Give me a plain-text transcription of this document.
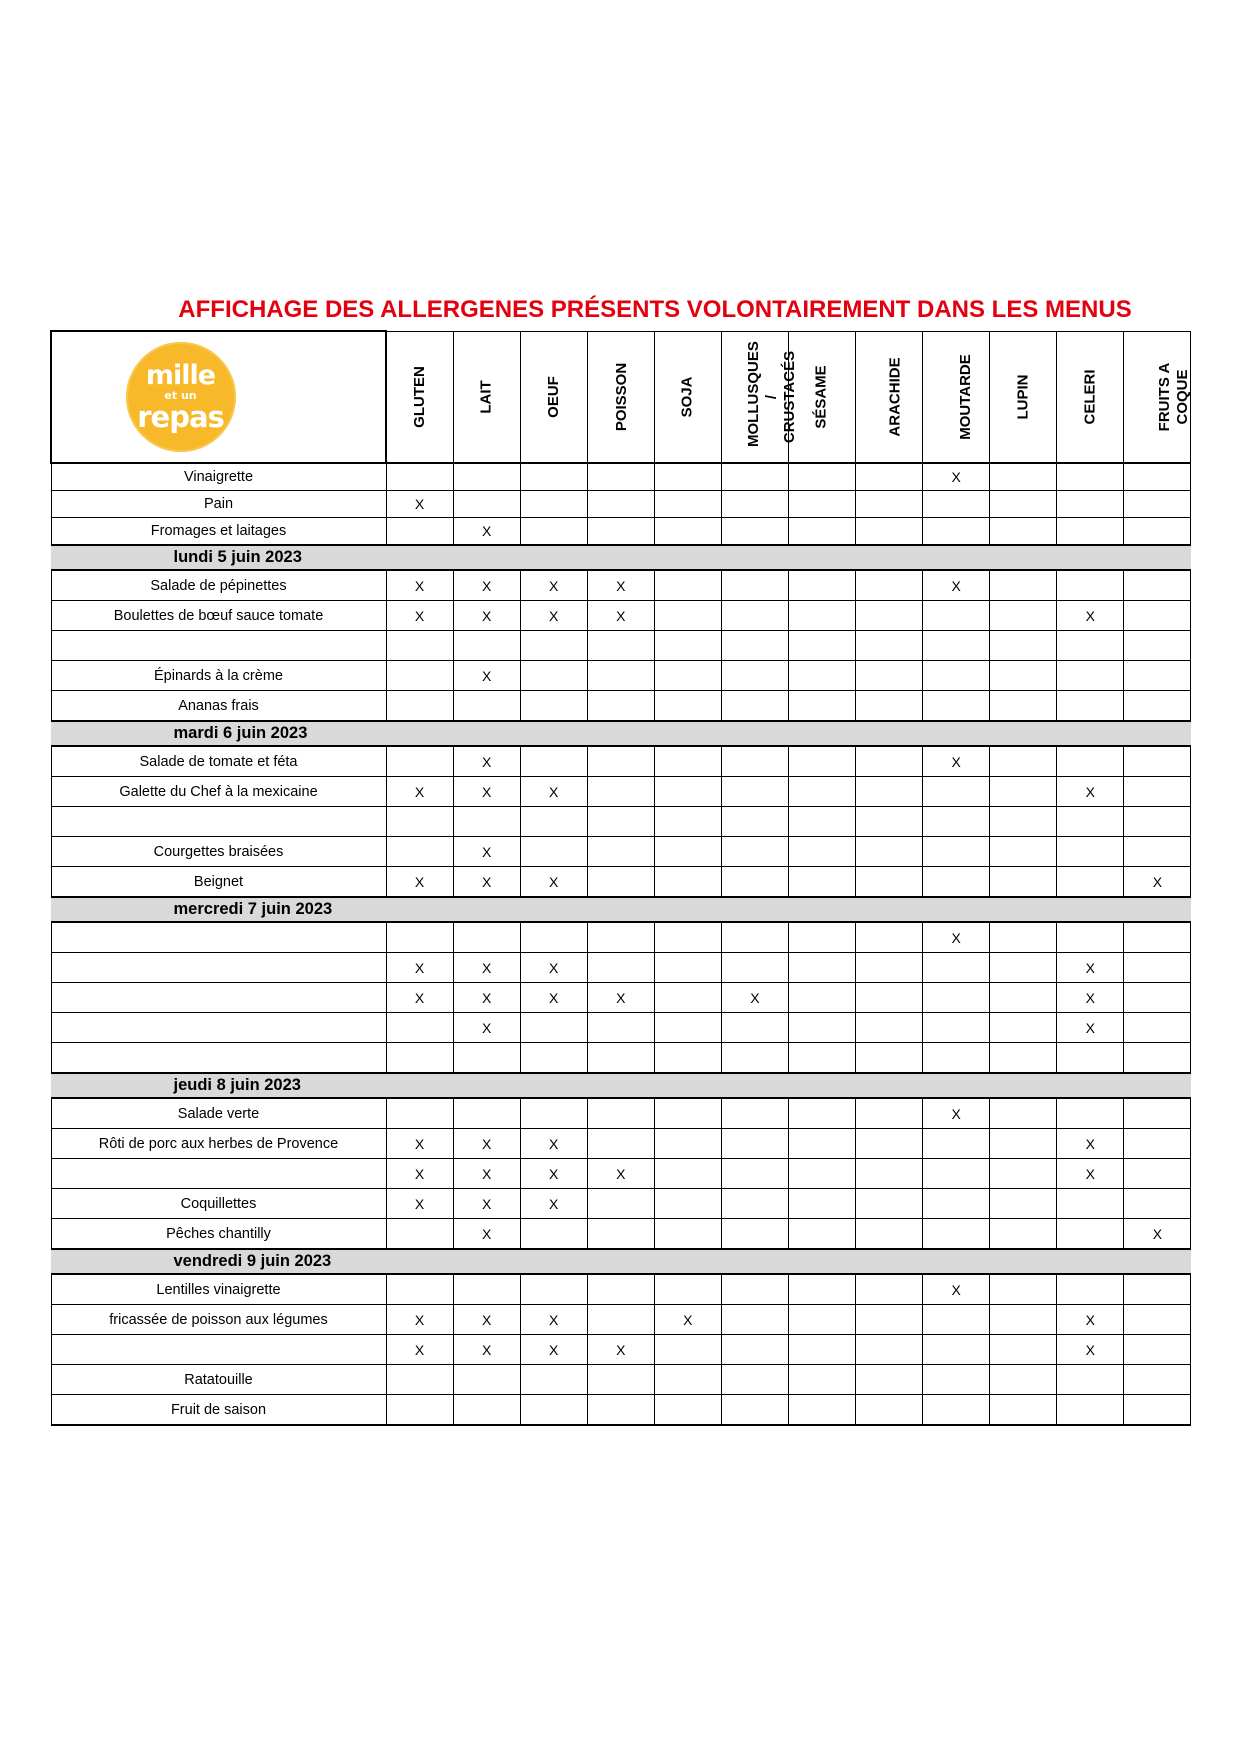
AFFICHAGE DES ALLERGENES PRÉSENTS VOLONTAIREMENT DANS LES MENUS
mille
et un
repas	GLUTEN	LAIT	OEUF	POISSON	SOJA	MOLLUSQUES / CRUSTACÉS	SÉSAME	ARACHIDE	MOUTARDE	LUPIN	CELERI	FRUITS A COQUE
Vinaigrette									X			
Pain	X											
Fromages et laitages		X										
lundi 5 juin 2023												
Salade de pépinettes	X	X	X	X					X			
Boulettes de bœuf sauce tomate	X	X	X	X							X	

Épinards à la crème		X										
Ananas frais												
mardi 6 juin 2023												
Salade de tomate et féta		X							X			
Galette du Chef à la mexicaine	X	X	X								X	

Courgettes braisées		X										
Beignet	X	X	X									X
mercredi 7 juin 2023												
									X			
	X	X	X								X	
	X	X	X	X		X					X	
		X									X	

jeudi 8 juin 2023												
Salade verte									X			
Rôti de porc aux herbes de Provence	X	X	X								X	
	X	X	X	X							X	
Coquillettes	X	X	X									
Pêches chantilly		X										X
vendredi 9 juin 2023												
Lentilles vinaigrette									X			
fricassée de poisson aux légumes	X	X	X		X						X	
	X	X	X	X							X	
Ratatouille												
Fruit de saison												
